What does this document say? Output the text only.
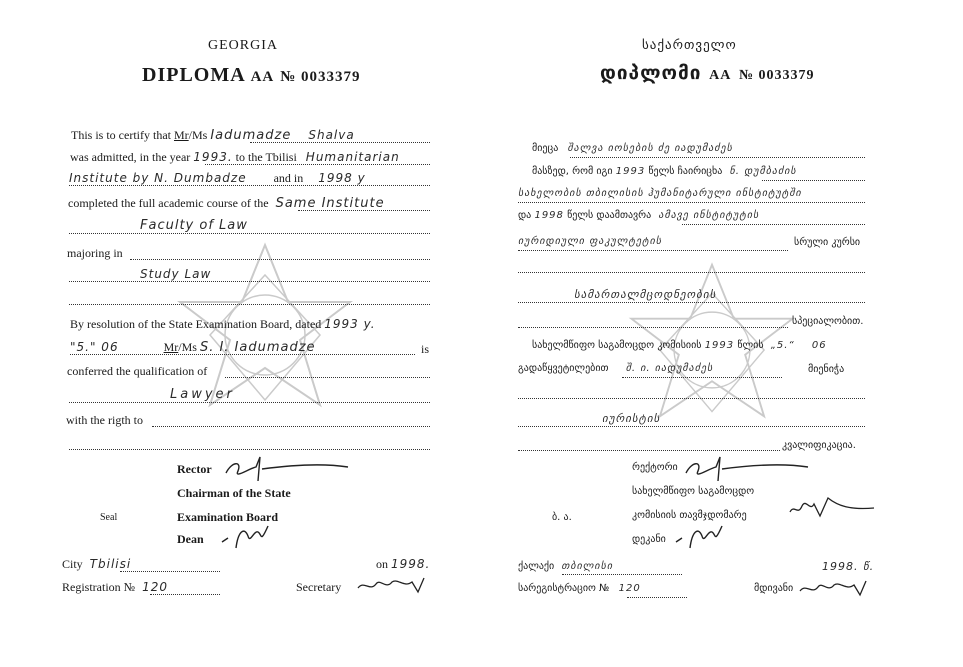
GEORGIA
DIPLOMA AA № 0033379
This is to certify that Mr/Ms Iadumadze Shalva
was admitted, in the year 1993. to the Tbilisi Humanitarian
Institute by N. Dumbadze and in 1998 y
completed the full academic course of the Same Institute
Faculty of Law
majoring in
Study Law
By resolution of the State Examination Board, dated 1993 y.
"5." 06	Mr/Ms S. I. Iadumadze	is
conferred the qualification of
Lawyer
with the rigth to
Rector
Chairman of the State
Examination Board
Seal
Dean
City Tbilisi	on 1998.
Registration № 120	Secretary
საქართველო
დიპლომი AA № 0033379
მიეცა შალვა იოსების ძე იადუმაძეს
მასზედ, რომ იგი 1993 წელს ჩაირიცხა ნ. დუმბაძის
სახელობის თბილისის ჰუმანიტარული ინსტიტუტში
და 1998 წელს დაამთავრა ამავე ინსტიტუტის
იურიდიული ფაკულტეტის	სრული კურსი
სამართალმცოდნეობის
სპეციალობით.
სახელმწიფო საგამოცდო კომისიის 1993 წლის „5.“ 06
გადაწყვეტილებით შ. ი. იადუმაძეს	მიენიჭა
იურისტის
კვალიფიკაცია.
რექტორი
სახელმწიფო საგამოცდო
კომისიის თავმჯდომარე
ბ. ა.
დეკანი
ქალაქი თბილისი	1998. წ.
სარეგისტრაციო № 120	მდივანი
